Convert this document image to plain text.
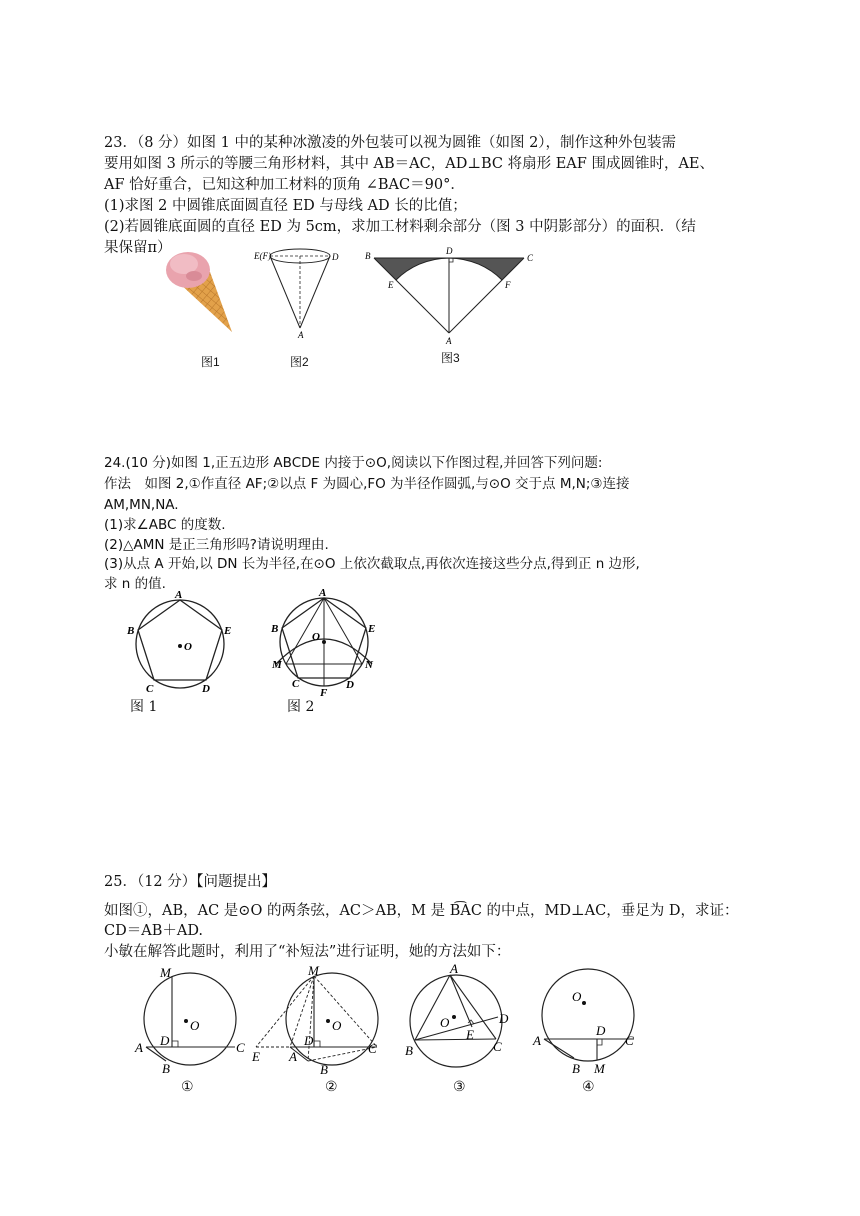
23．（8 分）如图 1 中的某种冰激凌的外包装可以视为圆锥（如图 2），制作这种外包装需
要用如图 3 所示的等腰三角形材料，其中 AB＝AC，AD⊥BC 将扇形 EAF 围成圆锥时，AE、
AF 恰好重合，已知这种加工材料的顶角 ∠BAC＝90°．
(1)求图 2 中圆锥底面圆直径 ED 与母线 AD 长的比值；
(2)若圆锥底面圆的直径 ED 为 5cm，求加工材料剩余部分（图 3 中阴影部分）的面积．（结
果保留π）
图1
E(F)	D
A
图2
B	D
C
E	F
A
图3
24.(10 分)如图 1,正五边形 ABCDE 内接于⊙O,阅读以下作图过程,并回答下列问题:
作法　如图 2,①作直径 AF;②以点 F 为圆心,FO 为半径作圆弧,与⊙O 交于点 M,N;③连接
AM,MN,NA.
(1)求∠ABC 的度数.
(2)△AMN 是正三角形吗?请说明理由.
(3)从点 A 开始,以 DN 长为半径,在⊙O 上依次截取点,再依次连接这些分点,得到正 n 边形,
求 n 的值.
A
B	E
C	D
O
图 1
A
B	E
O
M	N
C	D
F
图 2
25．（12 分）【问题提出】
如图①，AB，AC 是⊙O 的两条弦，AC＞AB，M 是 B͡AC 的中点，MD⊥AC，垂足为 D，求证：
CD＝AB＋AD.
小敏在解答此题时，利用了“补短法”进行证明，她的方法如下：
M
O
A D	C
B
①
M
O
E A
D
C
B
②
A
O	D
E
B	C
③
O
A
D
C
B M
④
